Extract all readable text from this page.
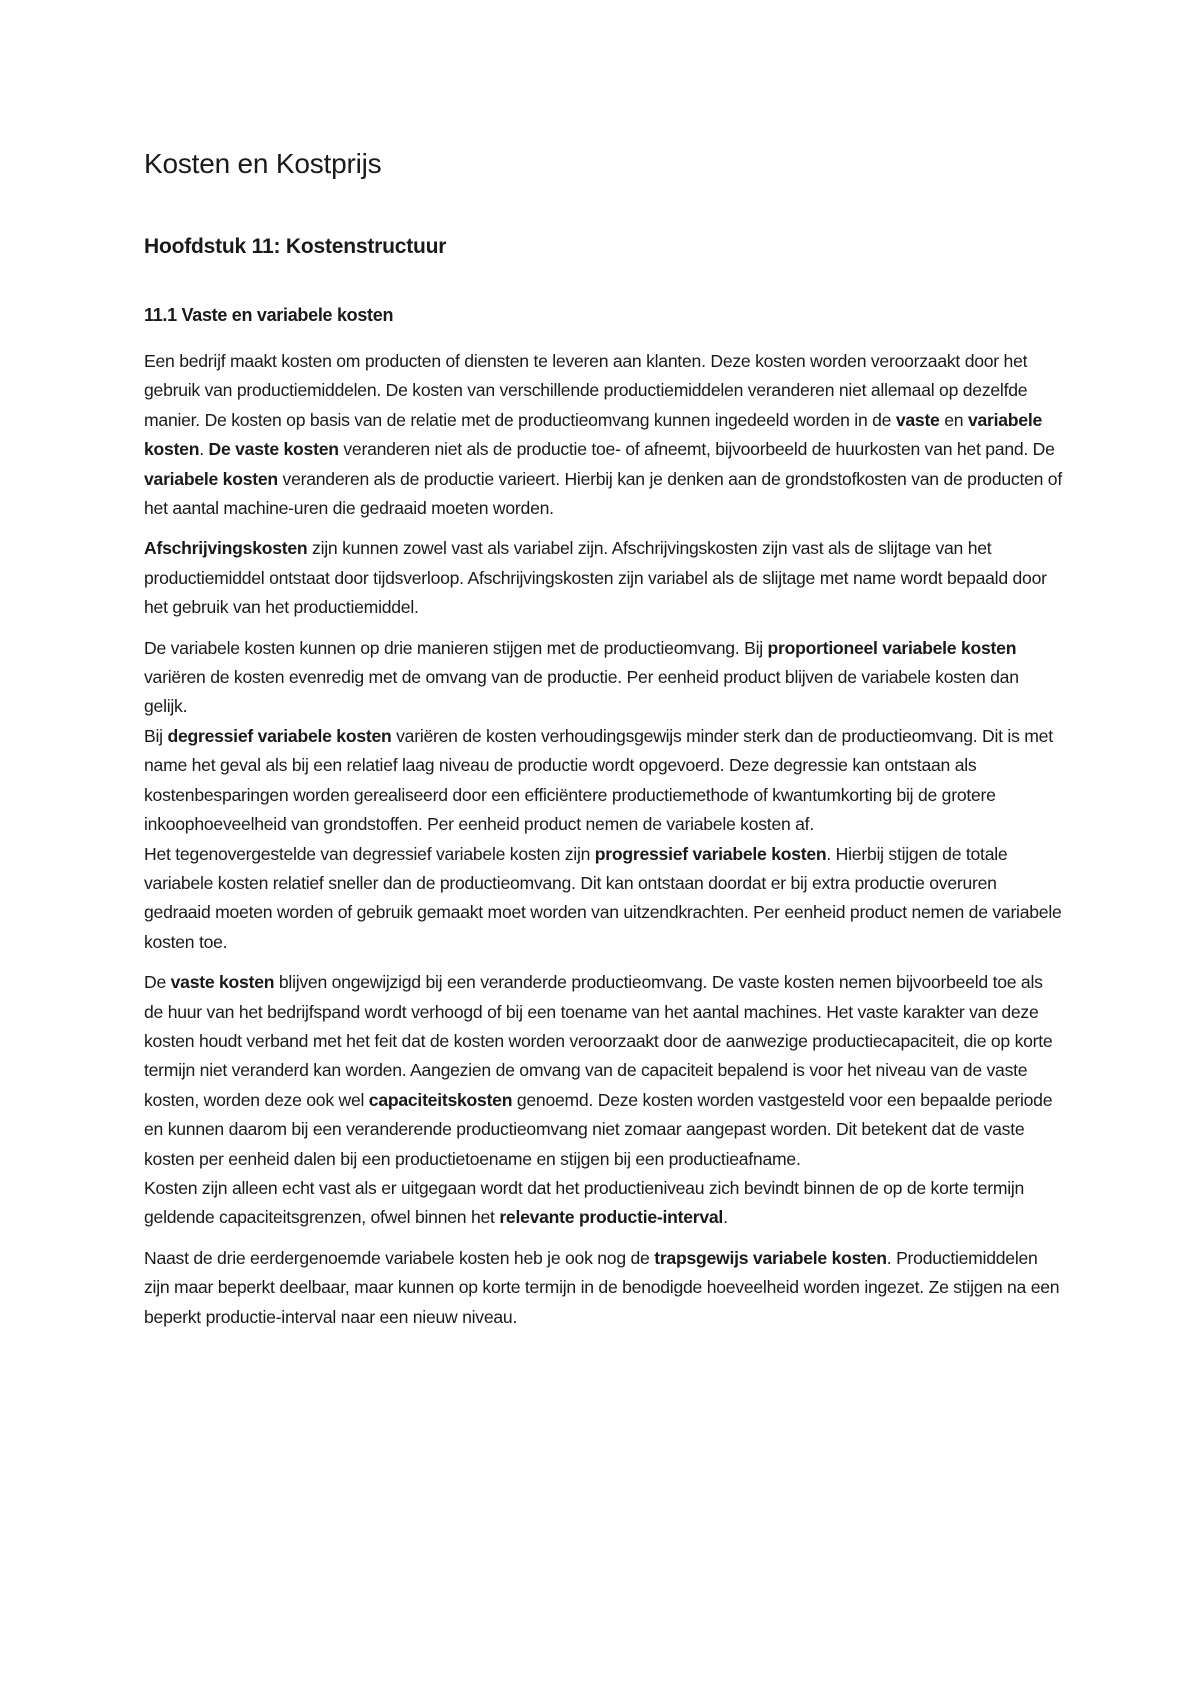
Kosten en Kostprijs
Hoofdstuk 11: Kostenstructuur
11.1 Vaste en variabele kosten

Een bedrijf maakt kosten om producten of diensten te leveren aan klanten. Deze kosten worden veroorzaakt door het gebruik van productiemiddelen. De kosten van verschillende productiemiddelen veranderen niet allemaal op dezelfde manier. De kosten op basis van de relatie met de productieomvang kunnen ingedeeld worden in de vaste en variabele kosten. De vaste kosten veranderen niet als de productie toe- of afneemt, bijvoorbeeld de huurkosten van het pand. De variabele kosten veranderen als de productie varieert. Hierbij kan je denken aan de grondstofkosten van de producten of het aantal machine-uren die gedraaid moeten worden.

Afschrijvingskosten zijn kunnen zowel vast als variabel zijn. Afschrijvingskosten zijn vast als de slijtage van het productiemiddel ontstaat door tijdsverloop. Afschrijvingskosten zijn variabel als de slijtage met name wordt bepaald door het gebruik van het productiemiddel.

De variabele kosten kunnen op drie manieren stijgen met de productieomvang. Bij proportioneel variabele kosten variëren de kosten evenredig met de omvang van de productie. Per eenheid product blijven de variabele kosten dan gelijk.

Bij degressief variabele kosten variëren de kosten verhoudingsgewijs minder sterk dan de productieomvang. Dit is met name het geval als bij een relatief laag niveau de productie wordt opgevoerd. Deze degressie kan ontstaan als kostenbesparingen worden gerealiseerd door een efficiëntere productiemethode of kwantumkorting bij de grotere inkoophoeveelheid van grondstoffen. Per eenheid product nemen de variabele kosten af.

Het tegenovergestelde van degressief variabele kosten zijn progressief variabele kosten. Hierbij stijgen de totale variabele kosten relatief sneller dan de productieomvang. Dit kan ontstaan doordat er bij extra productie overuren gedraaid moeten worden of gebruik gemaakt moet worden van uitzendkrachten. Per eenheid product nemen de variabele kosten toe.

De vaste kosten blijven ongewijzigd bij een veranderde productieomvang. De vaste kosten nemen bijvoorbeeld toe als de huur van het bedrijfspand wordt verhoogd of bij een toename van het aantal machines. Het vaste karakter van deze kosten houdt verband met het feit dat de kosten worden veroorzaakt door de aanwezige productiecapaciteit, die op korte termijn niet veranderd kan worden. Aangezien de omvang van de capaciteit bepalend is voor het niveau van de vaste kosten, worden deze ook wel capaciteitskosten genoemd. Deze kosten worden vastgesteld voor een bepaalde periode en kunnen daarom bij een veranderende productieomvang niet zomaar aangepast worden. Dit betekent dat de vaste kosten per eenheid dalen bij een productietoename en stijgen bij een productieafname.

Kosten zijn alleen echt vast als er uitgegaan wordt dat het productieniveau zich bevindt binnen de op de korte termijn geldende capaciteitsgrenzen, ofwel binnen het relevante productie-interval.

Naast de drie eerdergenoemde variabele kosten heb je ook nog de trapsgewijs variabele kosten. Productiemiddelen zijn maar beperkt deelbaar, maar kunnen op korte termijn in de benodigde hoeveelheid worden ingezet. Ze stijgen na een beperkt productie-interval naar een nieuw niveau.
